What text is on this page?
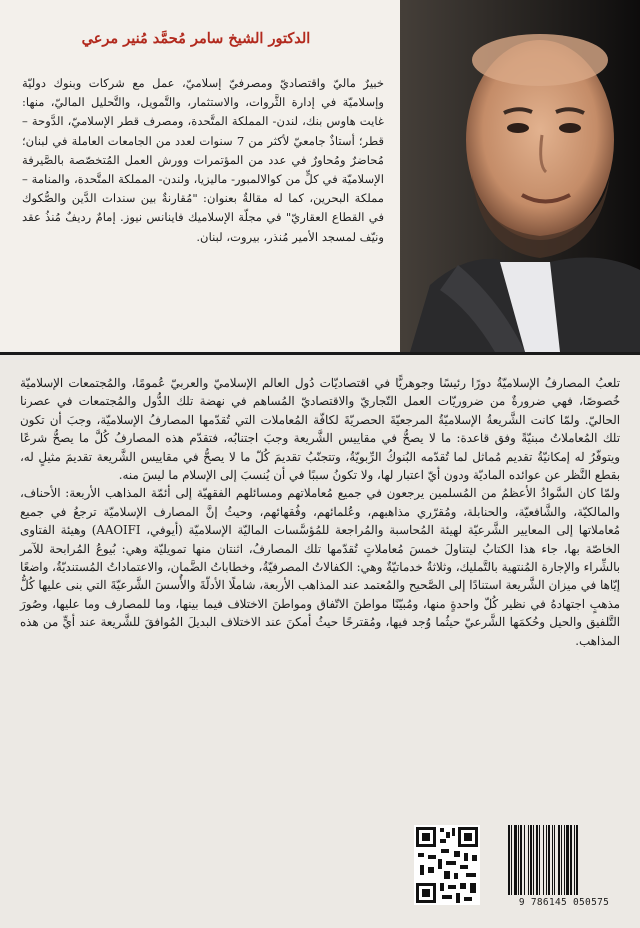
الدكتور الشيخ سامر مُحمَّد مُنير مرعي

خبيرٌ ماليّ واقتصاديّ ومصرفيّ إسلاميّ، عمل مع شركات وبنوك دوليّة وإسلاميّة في إدارة الثَّروات، والاستثمار، والتَّمويل، والتَّحليل الماليّ، منها: غايت هاوس بنك، لندن- المملكة المتَّحدة، ومصرف قطر الإسلاميّ، الدَّوحة – قطر؛ أستاذٌ جامعيّ لأكثر من 7 سنوات لعدد من الجامعات العاملة في لبنان؛ مُحاضرٌ ومُحاورٌ في عدد من المؤتمرات وورش العمل المُتخصّصة بالصَّيرفة الإسلاميّة في كلٍّ من كوالالمبور- ماليزيا، ولندن- المملكة المتَّحدة، والمنامة – مملكة البحرين، كما له مقالةٌ بعنوان: "مُقارنةٌ بين سندات الدَّين والصُّكوك في القطاع العقاريّ" في مجلّة الإسلاميك فاينانس نيوز. إمامٌ رديفٌ مُنذُ عقد ونيّف لمسجد الأمير مُنذر، بيروت، لبنان.

تلعبُ المصارفُ الإسلاميّةُ دورًا رئيسًا وجوهريًّا في اقتصاديّات دُول العالم الإسلاميّ والعربيّ عُمومًا، والمُجتمعات الإسلاميّة خُصوصًا، فهي ضرورةٌ من ضروريّات العمل التّجاريّ والاقتصاديّ المُساهم في نهضة تلك الدُّول والمُجتمعات في عصرنا الحاليّ. ولمّا كانت الشَّريعةُ الإسلاميّةُ المرجعيّةَ الحصريّةَ لكافّة المُعاملات التي تُقدّمها المصارفُ الإسلاميّة، وجبَ أن تكون تلك المُعاملاتُ مبنيّةً وفق قاعدة: ما لا يصحُّ في مقاييس الشَّريعة وجبَ اجتنابُه، فتقدّم هذه المصارفُ كُلَّ ما يصحُّ شرعًا ويتوفّرُ له إمكانيّةُ تقديم مُماثل لما تُقدّمه البُنوكُ الرِّبويّةُ، وتتجنّبُ تقديمَ كُلّ ما لا يصحُّ في مقاييس الشَّريعة تقديمَ مثيلٍ له، بقطع النَّظر عن عوائده الماديّة ودون أيّ اعتبار لها، ولا تكونُ سببًا في أن يُنسبَ إلى الإسلام ما ليسَ منه.

ولمّا كان السَّوادُ الأعظمُ من المُسلمين يرجعون في جميع مُعاملاتهم ومسائلهم الفقهيّة إلى أئمّة المذاهب الأربعة: الأحناف، والمالكيّة، والشَّافعيّة، والحنابلة، ومُقرّري مذاهبهم، وعُلمائهم، وفُقهائهم، وحيثُ إنَّ المصارف الإسلاميّة ترجعُ في جميع مُعاملاتها إلى المعايير الشَّرعيّة لهيئة المُحاسبة والمُراجعة للمُؤسَّسات الماليّة الإسلاميّة (أيوفي، AAOIFI) وهيئة الفتاوى الخاصّة بها، جاء هذا الكتابُ ليتناولَ خمسَ مُعاملاتٍ تُقدّمها تلك المصارفُ، اثنتان منها تمويليّة وهي: بُيوعُ المُرابحة للآمر بالشِّراء والإجارة المُنتهية بالتَّمليك، وثلاثةٌ خدماتيّةٌ وهي: الكفالاتُ المصرفيّةُ، وخطاباتُ الضَّمان، والاعتماداتُ المُستنديّةُ، واضعًا إيّاها في ميزان الشَّريعة استنادًا إلى الصَّحيح والمُعتمد عند المذاهب الأربعة، شاملًا الأدلّةَ والأُسسَ الشَّرعيّةَ التي بنى عليها كُلُّ مذهبٍ اجتهادهُ في نظير كُلّ واحدةٍ منها، ومُبيّنًا مواطنَ الاتّفاق ومواطنَ الاختلاف فيما بينها، وما للمصارف وما عليها، وصُورَ التَّلفيق والحيل وحُكمَها الشَّرعيّ حيثُما وُجد فيها، ومُقترحًا حيثُ أمكنَ عند الاختلاف البديلَ المُوافقَ للشَّريعة عند أيٍّ من هذه المذاهب.

9 786145 050575
